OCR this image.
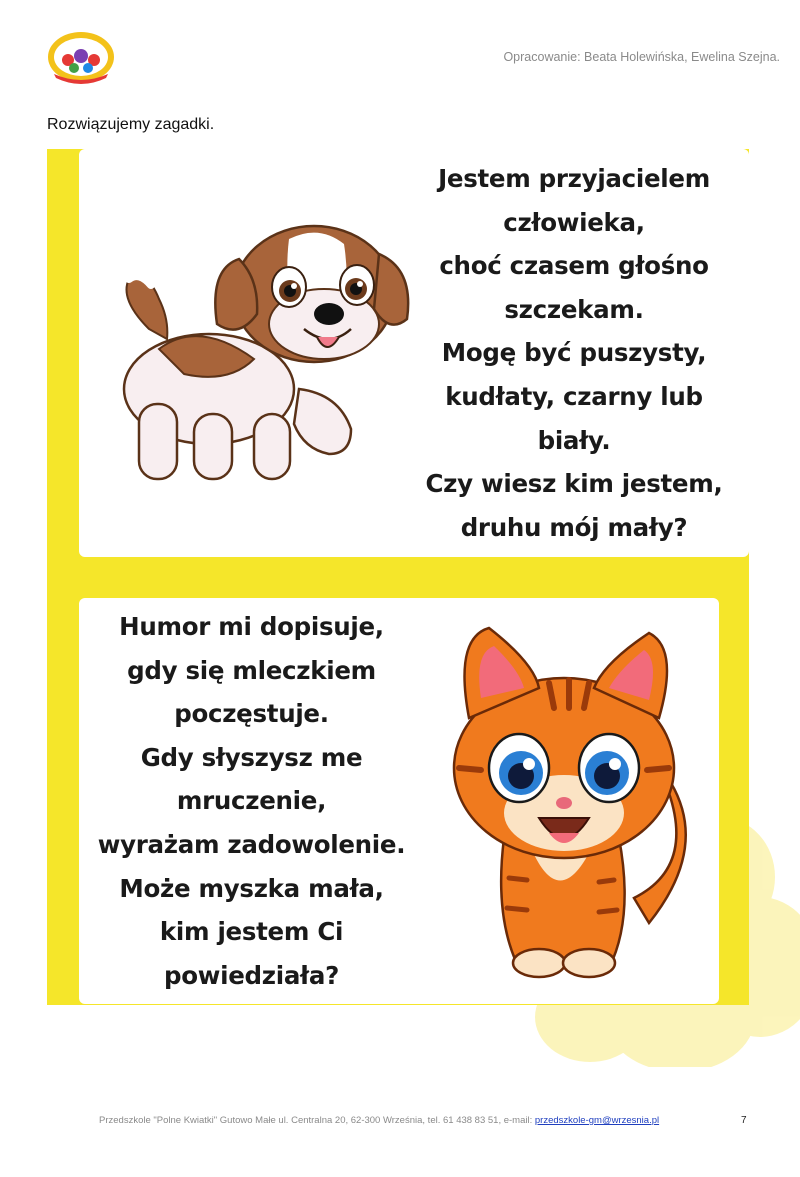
Opracowanie: Beata Holewińska, Ewelina Szejna.
Rozwiązujemy zagadki.
Jestem przyjacielem
człowieka,
choć czasem głośno
szczekam.
Mogę być puszysty,
kudłaty, czarny lub
biały.
Czy wiesz kim jestem,
druhu mój mały?
Humor mi dopisuje,
gdy się mleczkiem
poczęstuje.
Gdy słyszysz me
mruczenie,
wyrażam zadowolenie.
Może myszka mała,
kim jestem Ci
powiedziała?
Przedszkole "Polne Kwiatki" Gutowo Małe ul. Centralna 20, 62-300 Września, tel. 61 438 83 51, e-mail: przedszkole-gm@wrzesnia.pl	7
